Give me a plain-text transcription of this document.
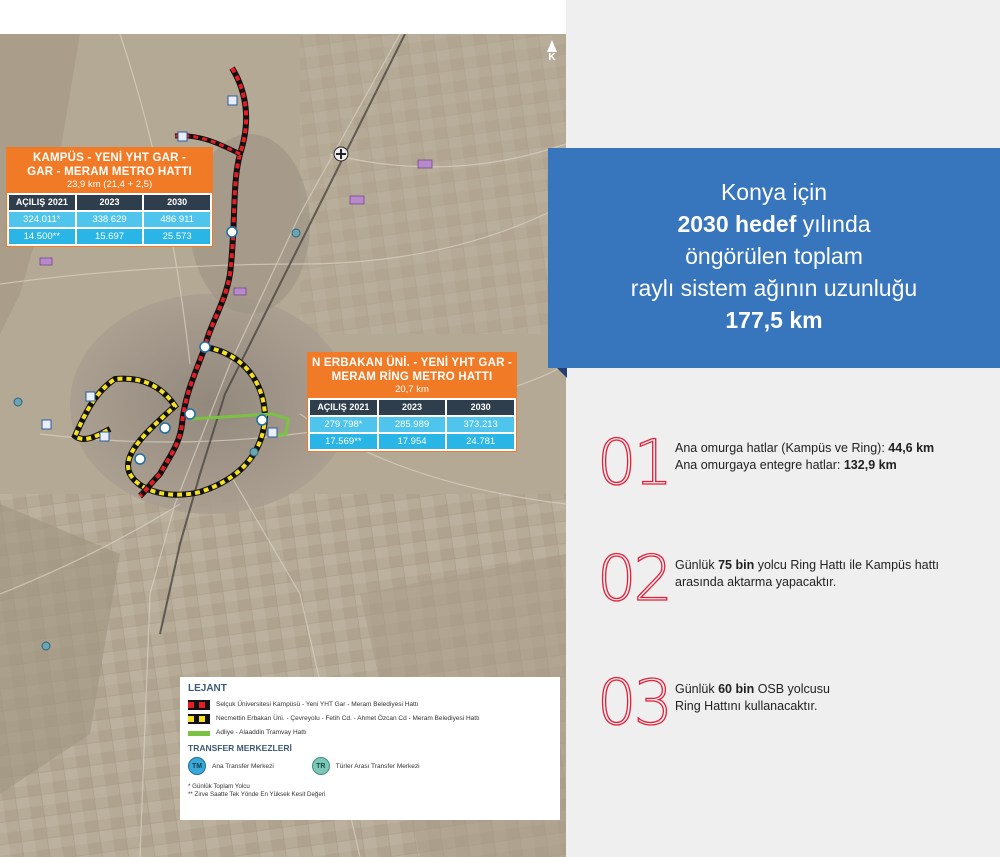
K
KAMPÜS - YENİ YHT GAR -
GAR - MERAM METRO HATTI
23,9 km (21,4 + 2,5)
AÇILIŞ 2021	2023	2030
324.011*	338.629	486.911
14.500**	15.697	25.573
N ERBAKAN ÜNİ. - YENİ YHT GAR -
MERAM RİNG METRO HATTI
20,7 km
AÇILIŞ 2021	2023	2030
279.798*	285.989	373.213
17.569**	17.954	24.781
LEJANT
Selçuk Üniversitesi Kampüsü - Yeni YHT Gar - Meram Belediyesi Hattı
Necmettin Erbakan Üni. - Çevreyolu - Fetih Cd. - Ahmet Özcan Cd - Meram Belediyesi Hattı
Adliye - Alaaddin Tramvay Hattı
TRANSFER MERKEZLERİ
TM	Ana Transfer Merkezi	TR	Türler Arası Transfer Merkezi
* Günlük Toplam Yolcu
** Zirve Saatte Tek Yönde En Yüksek Kesit Değeri
Konya için
2030 hedef yılında
öngörülen toplam
raylı sistem ağının uzunluğu
177,5 km
01 Ana omurga hatlar (Kampüs ve Ring): 44,6 km
Ana omurgaya entegre hatlar: 132,9 km
02 Günlük 75 bin yolcu Ring Hattı ile Kampüs hattı
arasında aktarma yapacaktır.
03 Günlük 60 bin OSB yolcusu
Ring Hattını kullanacaktır.
